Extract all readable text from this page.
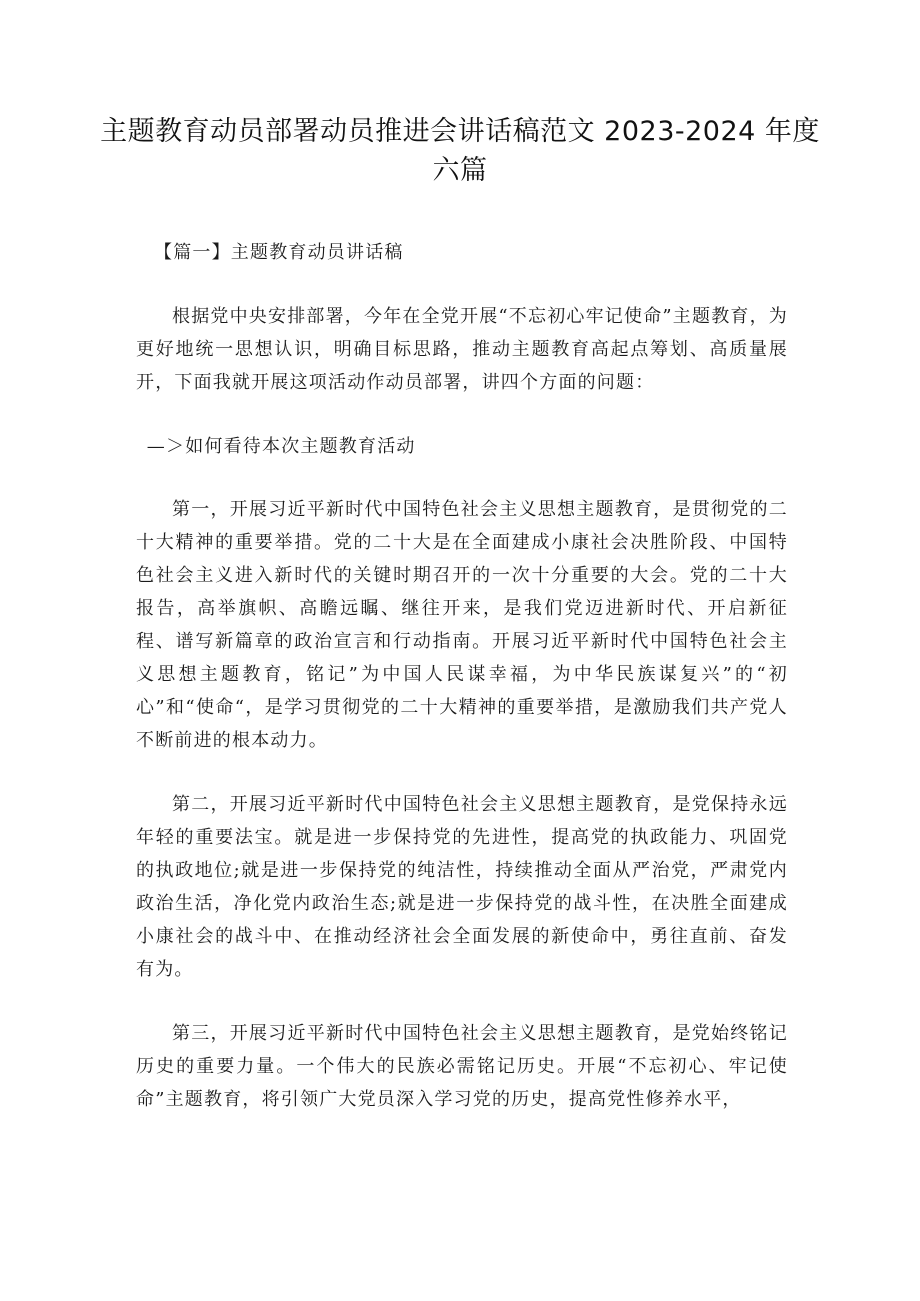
主题教育动员部署动员推进会讲话稿范文 2023-2024 年度六篇

【篇一】主题教育动员讲话稿

根据党中央安排部署，今年在全党开展“不忘初心牢记使命”主题教育，为更好地统一思想认识，明确目标思路，推动主题教育高起点筹划、高质量展开，下面我就开展这项活动作动员部署，讲四个方面的问题：

—＞如何看待本次主题教育活动

第一，开展习近平新时代中国特色社会主义思想主题教育，是贯彻党的二十大精神的重要举措。党的二十大是在全面建成小康社会决胜阶段、中国特色社会主义进入新时代的关键时期召开的一次十分重要的大会。党的二十大报告，高举旗帜、高瞻远瞩、继往开来，是我们党迈进新时代、开启新征程、谱写新篇章的政治宣言和行动指南。开展习近平新时代中国特色社会主义思想主题教育，铭记”为中国人民谋幸福，为中华民族谋复兴”的“初心”和“使命“，是学习贯彻党的二十大精神的重要举措，是激励我们共产党人不断前进的根本动力。

第二，开展习近平新时代中国特色社会主义思想主题教育，是党保持永远年轻的重要法宝。就是进一步保持党的先进性，提高党的执政能力、巩固党的执政地位;就是进一步保持党的纯洁性，持续推动全面从严治党，严肃党内政治生活，净化党内政治生态;就是进一步保持党的战斗性，在决胜全面建成小康社会的战斗中、在推动经济社会全面发展的新使命中，勇往直前、奋发有为。

第三，开展习近平新时代中国特色社会主义思想主题教育，是党始终铭记历史的重要力量。一个伟大的民族必需铭记历史。开展“不忘初心、牢记使命”主题教育，将引领广大党员深入学习党的历史，提高党性修养水平，
